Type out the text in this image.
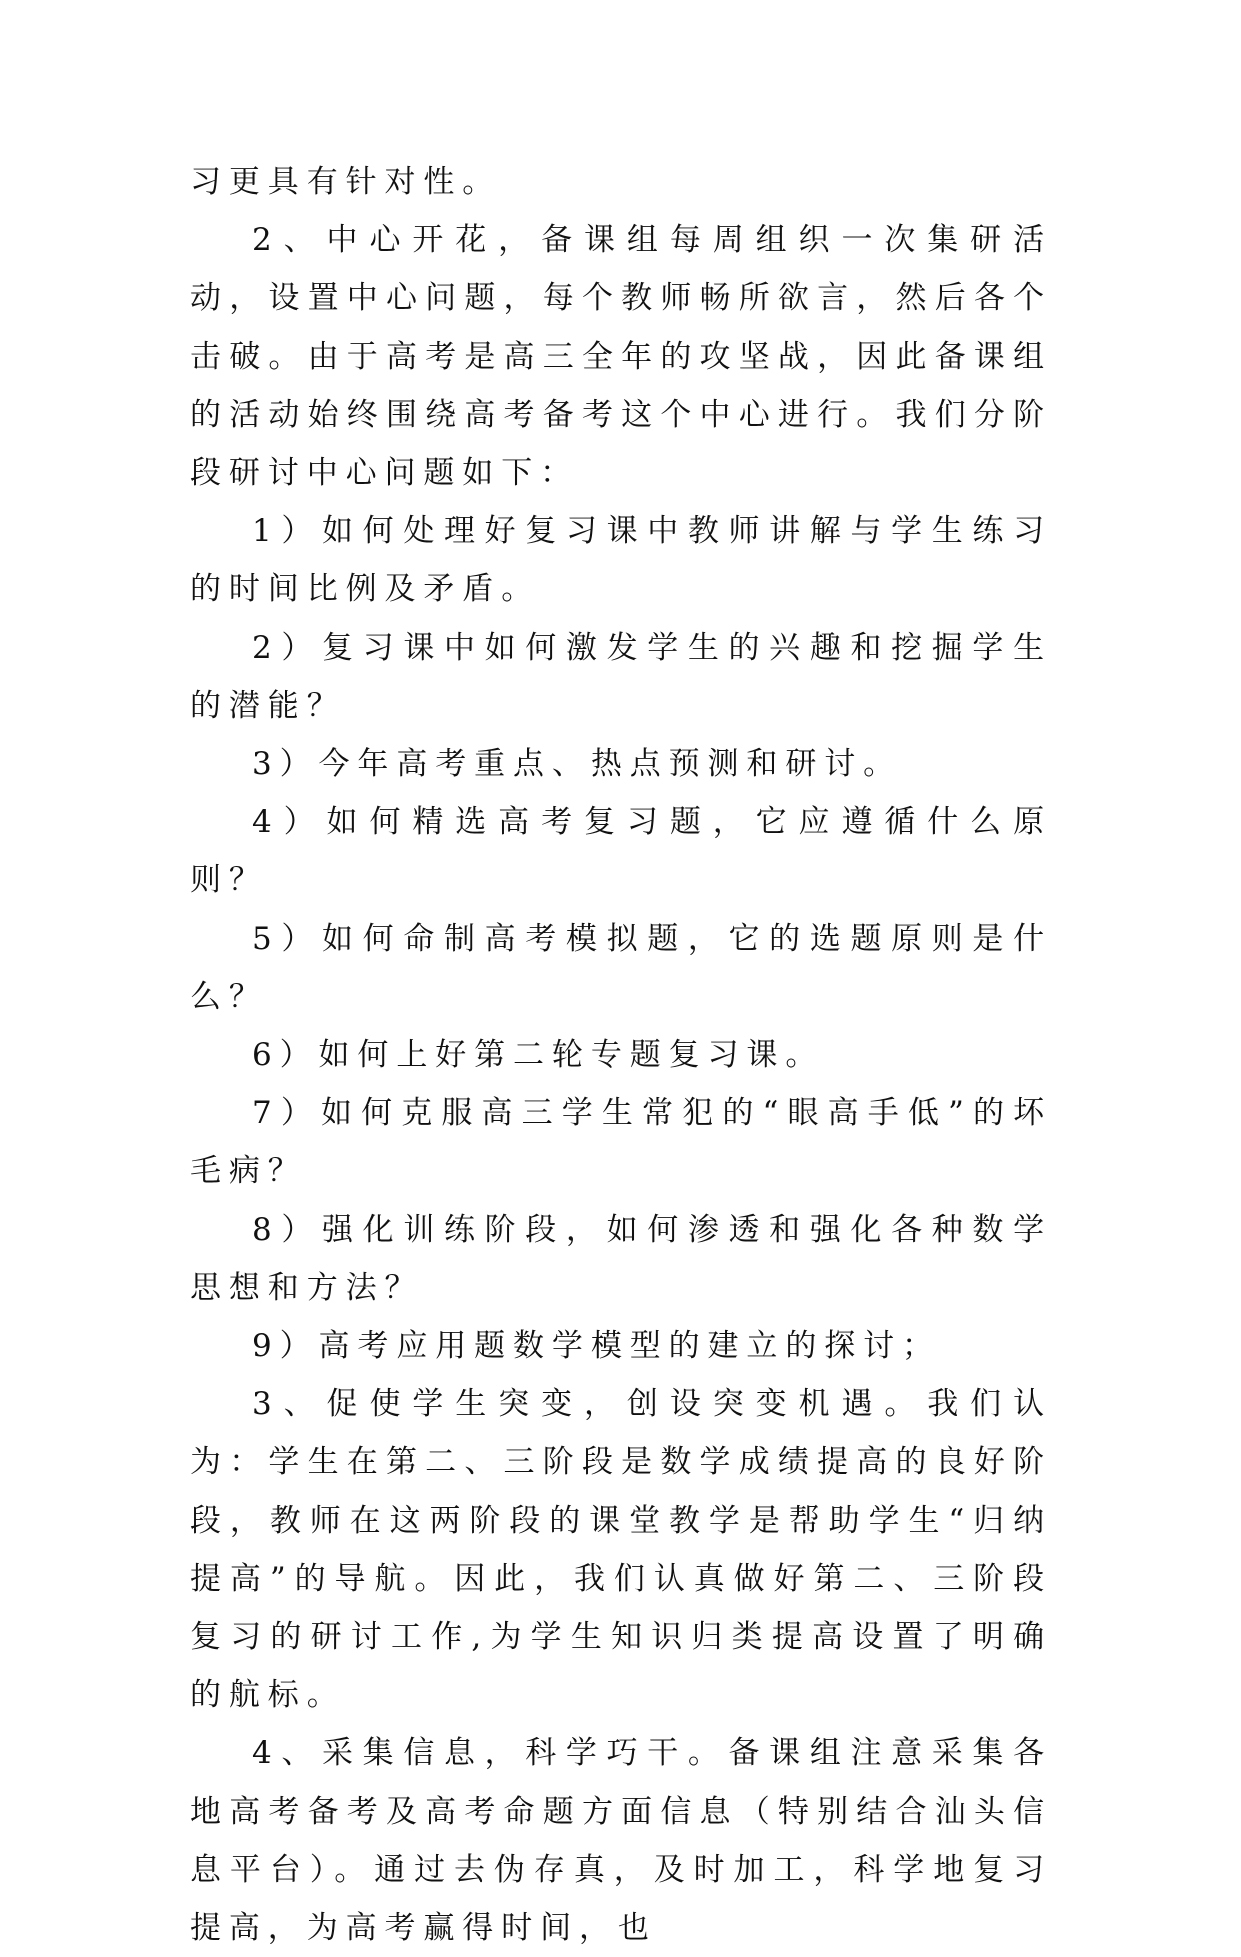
习更具有针对性。

2、中心开花，备课组每周组织一次集研活动，设置中心问题，每个教师畅所欲言，然后各个击破。由于高考是高三全年的攻坚战，因此备课组的活动始终围绕高考备考这个中心进行。我们分阶段研讨中心问题如下：

1）如何处理好复习课中教师讲解与学生练习的时间比例及矛盾。

2）复习课中如何激发学生的兴趣和挖掘学生的潜能？

3）今年高考重点、热点预测和研讨。

4）如何精选高考复习题，它应遵循什么原则？

5）如何命制高考模拟题，它的选题原则是什么？

6）如何上好第二轮专题复习课。

7）如何克服高三学生常犯的“眼高手低”的坏毛病？

8）强化训练阶段，如何渗透和强化各种数学思想和方法？

9）高考应用题数学模型的建立的探讨；

3、促使学生突变，创设突变机遇。我们认为：学生在第二、三阶段是数学成绩提高的良好阶段，教师在这两阶段的课堂教学是帮助学生“归纳提高”的导航。因此，我们认真做好第二、三阶段复习的研讨工作,为学生知识归类提高设置了明确的航标。

4、采集信息，科学巧干。备课组注意采集各地高考备考及高考命题方面信息（特别结合汕头信息平台）。通过去伪存真，及时加工，科学地复习提高，为高考赢得时间，也
